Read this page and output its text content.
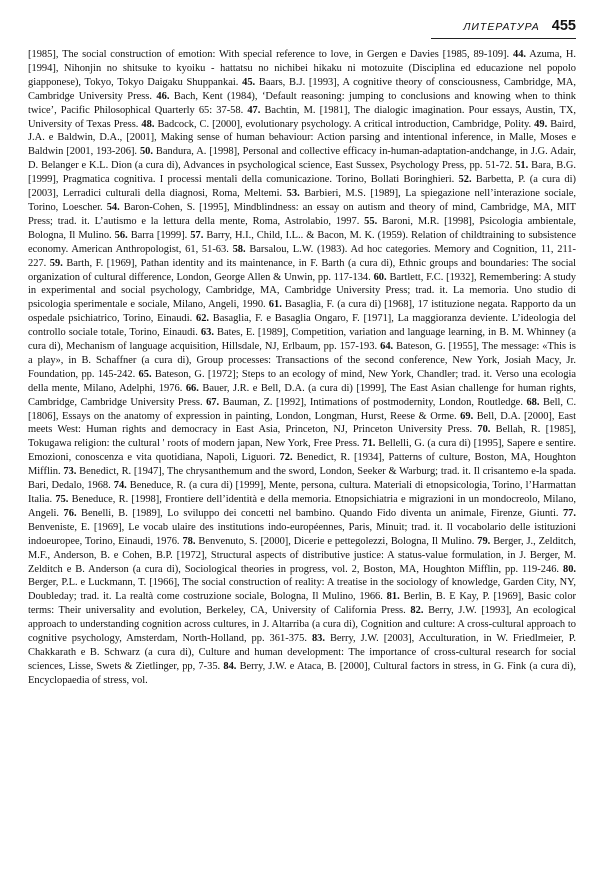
ЛИТЕРАТУРА 455
[1985], The social construction of emotion: With special reference to love, in Gergen e Davies [1985, 89-109]. 44. Azuma, H. [1994], Nihonjin no shitsuke to kyoiku - hattatsu no nichibei hikaku ni motozuite (Disciplina ed educazione nel popolo giapponese), Tokyo, Tokyo Daigaku Shuppankai. 45. Baars, B.J. [1993], A cognitive theory of consciousness, Cambridge, MA, Cambridge University Press. 46. Bach, Kent (1984), ‘Default reasoning: jumping to conclusions and knowing when to think twice’, Pacific Philosophical Quarterly 65: 37-58. 47. Bachtin, M. [1981], The dialogic imagination. Pour essays, Austin, TX, University of Texas Press. 48. Badcock, C. [2000], evolutionary psychology. A critical introduction, Cambridge, Polity. 49. Baird, J.A. e Baldwin, D.A., [2001], Making sense of human behaviour: Action parsing and intentional inference, in Malle, Moses e Baldwin [2001, 193-206]. 50. Bandura, A. [1998], Personal and collective efficacy in-human-adaptation-andchange, in J.G. Adair, D. Belanger e K.L. Dion (a cura di), Advances in psychological science, East Sussex, Psychology Press, pp. 51-72. 51. Bara, B.G. [1999], Pragmatica cognitiva. I processi mentali della comunicazione. Torino, Bollati Boringhieri. 52. Barbetta, P. (a cura di) [2003], Lerradici culturali della diagnosi, Roma, Meltemi. 53. Barbieri, M.S. [1989], La spiegazione nell’interazione sociale, Torino, Loescher. 54. Baron-Cohen, S. [1995], Mindblindness: an essay on autism and theory of mind, Cambridge, MA, MIT Press; trad. it. L’autismo e la lettura della mente, Roma, Astrolabio, 1997. 55. Baroni, M.R. [1998], Psicologia ambientale, Bologna, Il Mulino. 56. Barra [1999]. 57. Barry, H.I., Child, I.L.. & Bacon, M. K. (1959). Relation of childtraining to subsistence economy. American Anthropologist, 61, 51-63. 58. Barsalou, L.W. (1983). Ad hoc categories. Memory and Cognition, 11, 211-227. 59. Barth, F. [1969], Pathan identity and its maintenance, in F. Barth (a cura di), Ethnic groups and boundaries: The social organization of cultural difference, London, George Allen & Unwin, pp. 117-134. 60. Bartlett, F.C. [1932], Remembering: A study in experimental and social psychology, Cambridge, MA, Cambridge University Press; trad. it. La memoria. Uno studio di psicologia sperimentale e sociale, Milano, Angeli, 1990. 61. Basaglia, F. (a cura di) [1968], 17 istituzione negata. Rapporto da un ospedale psichiatrico, Torino, Einaudi. 62. Basaglia, F. e Basaglia Ongaro, F. [1971], La maggioranza deviente. L’ideologia del controllo sociale totale, Torino, Einaudi. 63. Bates, E. [1989], Competition, variation and language learning, in B. M. Whinney (a cura di), Mechanism of language acquisition, Hillsdale, NJ, Erlbaum, pp. 157-193. 64. Bateson, G. [1955], The message: «This is a play», in B. Schaffner (a cura di), Group processes: Transactions of the second conference, New York, Josiah Macy, Jr. Foundation, pp. 145-242. 65. Bateson, G. [1972]; Steps to an ecology of mind, New York, Chandler; trad. it. Verso una ecologia della mente, Milano, Adelphi, 1976. 66. Bauer, J.R. e Bell, D.A. (a cura di) [1999], The East Asian challenge for human rights, Cambridge, Cambridge University Press. 67. Bauman, Z. [1992], Intimations of postmodernity, London, Routledge. 68. Bell, C. [1806], Essays on the anatomy of expression in painting, London, Longman, Hurst, Reese & Orme. 69. Bell, D.A. [2000], East meets West: Human rights and democracy in East Asia, Princeton, NJ, Princeton University Press. 70. Bellah, R. [1985], Tokugawa religion: the cultural ' roots of modern japan, New York, Free Press. 71. Bellelli, G. (a cura di) [1995], Sapere e sentire. Emozioni, conoscenza e vita quotidiana, Napoli, Liguori. 72. Benedict, R. [1934], Patterns of culture, Boston, MA, Houghton Mifflin. 73. Benedict, R. [1947], The chrysanthemum and the sword, London, Seeker & Warburg; trad. it. Il crisantemo e-la spada. Bari, Dedalo, 1968. 74. Beneduce, R. (a cura di) [1999], Mente, persona, cultura. Materiali di etnopsicologia, Torino, l’Harmattan Italia. 75. Beneduce, R. [1998], Frontiere dell’identità e della memoria. Etnopsichiatria e migrazioni in un mondocreolo, Milano, Angeli. 76. Benelli, B. [1989], Lo sviluppo dei concetti nel bambino. Quando Fido diventa un animale, Firenze, Giunti. 77. Benveniste, E. [1969], Le vocab ulaire des institutions indo-européennes, Paris, Minuit; trad. it. Il vocabolario delle istituzioni indoeuropee, Torino, Einaudi, 1976. 78. Benvenuto, S. [2000], Dicerie e pettegolezzi, Bologna, Il Mulino. 79. Berger, J., Zelditch, M.F., Anderson, B. e Cohen, B.P. [1972], Structural aspects of distributive justice: A status-value formulation, in J. Berger, M. Zelditch e B. Anderson (a cura di), Sociological theories in progress, vol. 2, Boston, MA, Houghton Mifflin, pp. 119-246. 80. Berger, P.L. e Luckmann, T. [1966], The social construction of reality: A treatise in the sociology of knowledge, Garden City, NY, Doubleday; trad. it. La realtà come costruzione sociale, Bologna, Il Mulino, 1966. 81. Berlin, B. E Kay, P. [1969], Basic color terms: Their universality and evolution, Berkeley, CA, University of California Press. 82. Berry, J.W. [1993], An ecological approach to understanding cognition across cultures, in J. Altarriba (a cura di), Cognition and culture: A cross-cultural approach to cognitive psychology, Amsterdam, North-Holland, pp. 361-375. 83. Berry, J.W. [2003], Acculturation, in W. Friedlmeier, P. Chakkarath e B. Schwarz (a cura di), Culture and human development: The importance of cross-cultural research for social sciences, Lisse, Swets & Zietlinger, pp, 7-35. 84. Berry, J.W. e Ataca, B. [2000], Cultural factors in stress, in G. Fink (a cura di), Encyclopaedia of stress, vol.
